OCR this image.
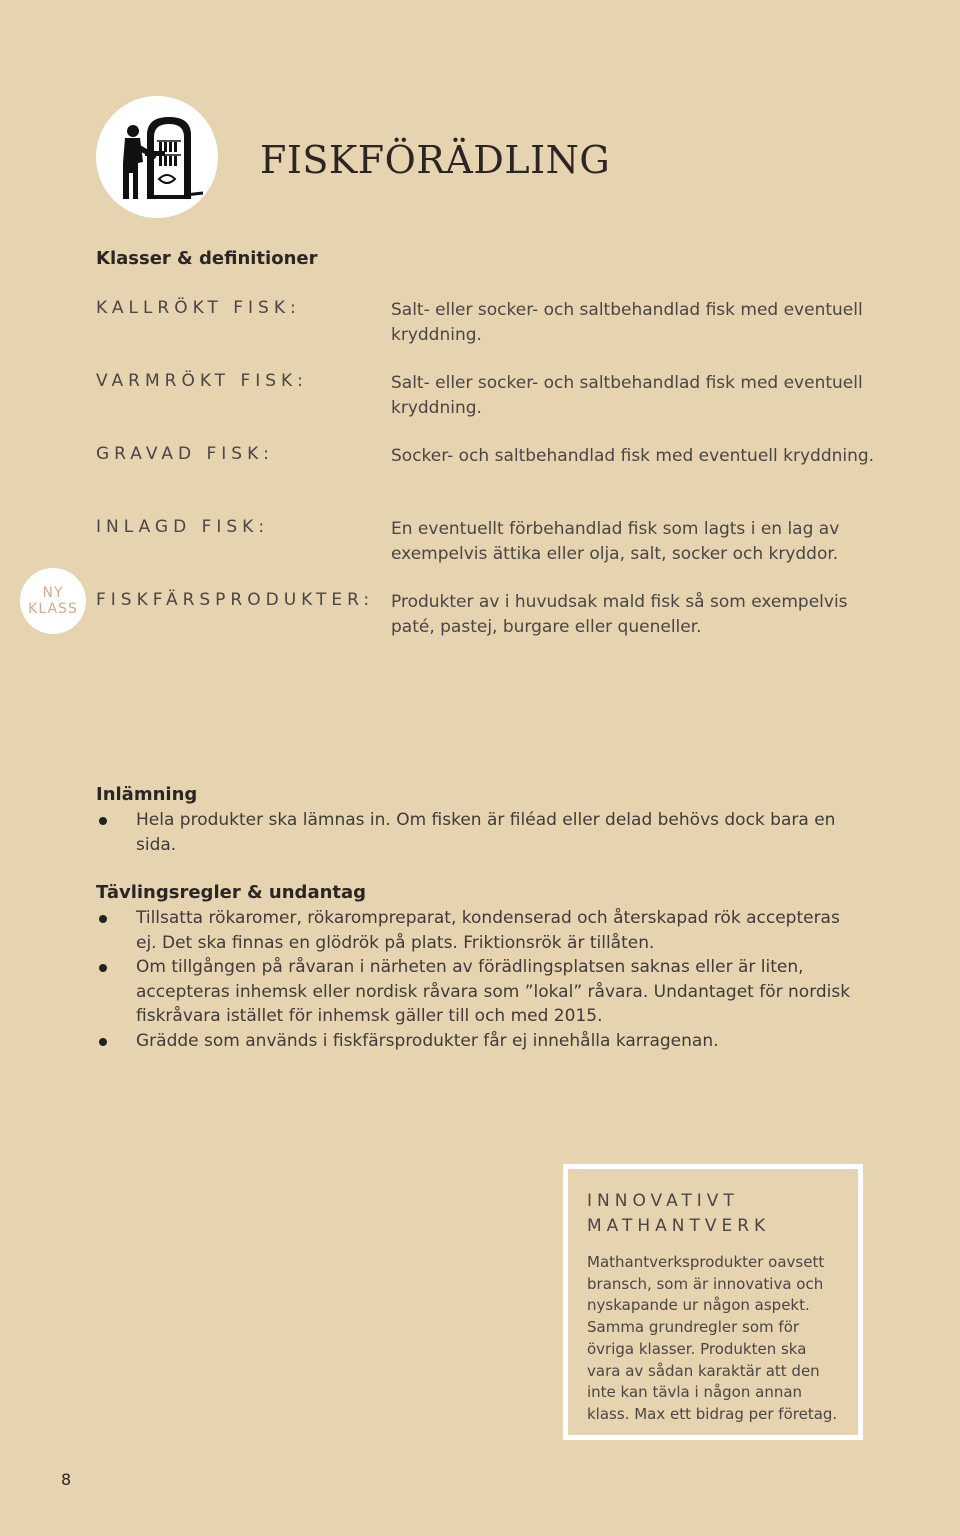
FISKFÖRÄDLING
Klasser & definitioner
KALLRÖKT FISK:	Salt- eller socker- och saltbehandlad fisk med eventuell kryddning.
VARMRÖKT FISK:	Salt- eller socker- och saltbehandlad fisk med eventuell kryddning.
GRAVAD FISK:	Socker- och saltbehandlad fisk med eventuell kryddning.
INLAGD FISK:	En eventuellt förbehandlad fisk som lagts i en lag av exempelvis ättika eller olja, salt, socker och kryddor.
NY
KLASS FISKFÄRSPRODUKTER: Produkter av i huvudsak mald fisk så som exempelvis paté, pastej, burgare eller queneller.
Inlämning
Hela produkter ska lämnas in. Om fisken är filéad eller delad behövs dock bara en sida.
Tävlingsregler & undantag
Tillsatta rökaromer, rökarompreparat, kondenserad och återskapad rök accepteras ej. Det ska finnas en glödrök på plats. Friktionsrök är tillåten.
Om tillgången på råvaran i närheten av förädlingsplatsen saknas eller är liten, accepteras inhemsk eller nordisk råvara som ”lokal” råvara. Undantaget för nordisk fiskråvara istället för inhemsk gäller till och med 2015.
Grädde som används i fiskfärsprodukter får ej innehålla karragenan.
INNOVATIVT
MATHANTVERK
Mathantverksprodukter oavsett bransch, som är innovativa och nyskapande ur någon aspekt. Samma grundregler som för övriga klasser. Produkten ska vara av sådan karaktär att den inte kan tävla i någon annan klass. Max ett bidrag per företag.
8
